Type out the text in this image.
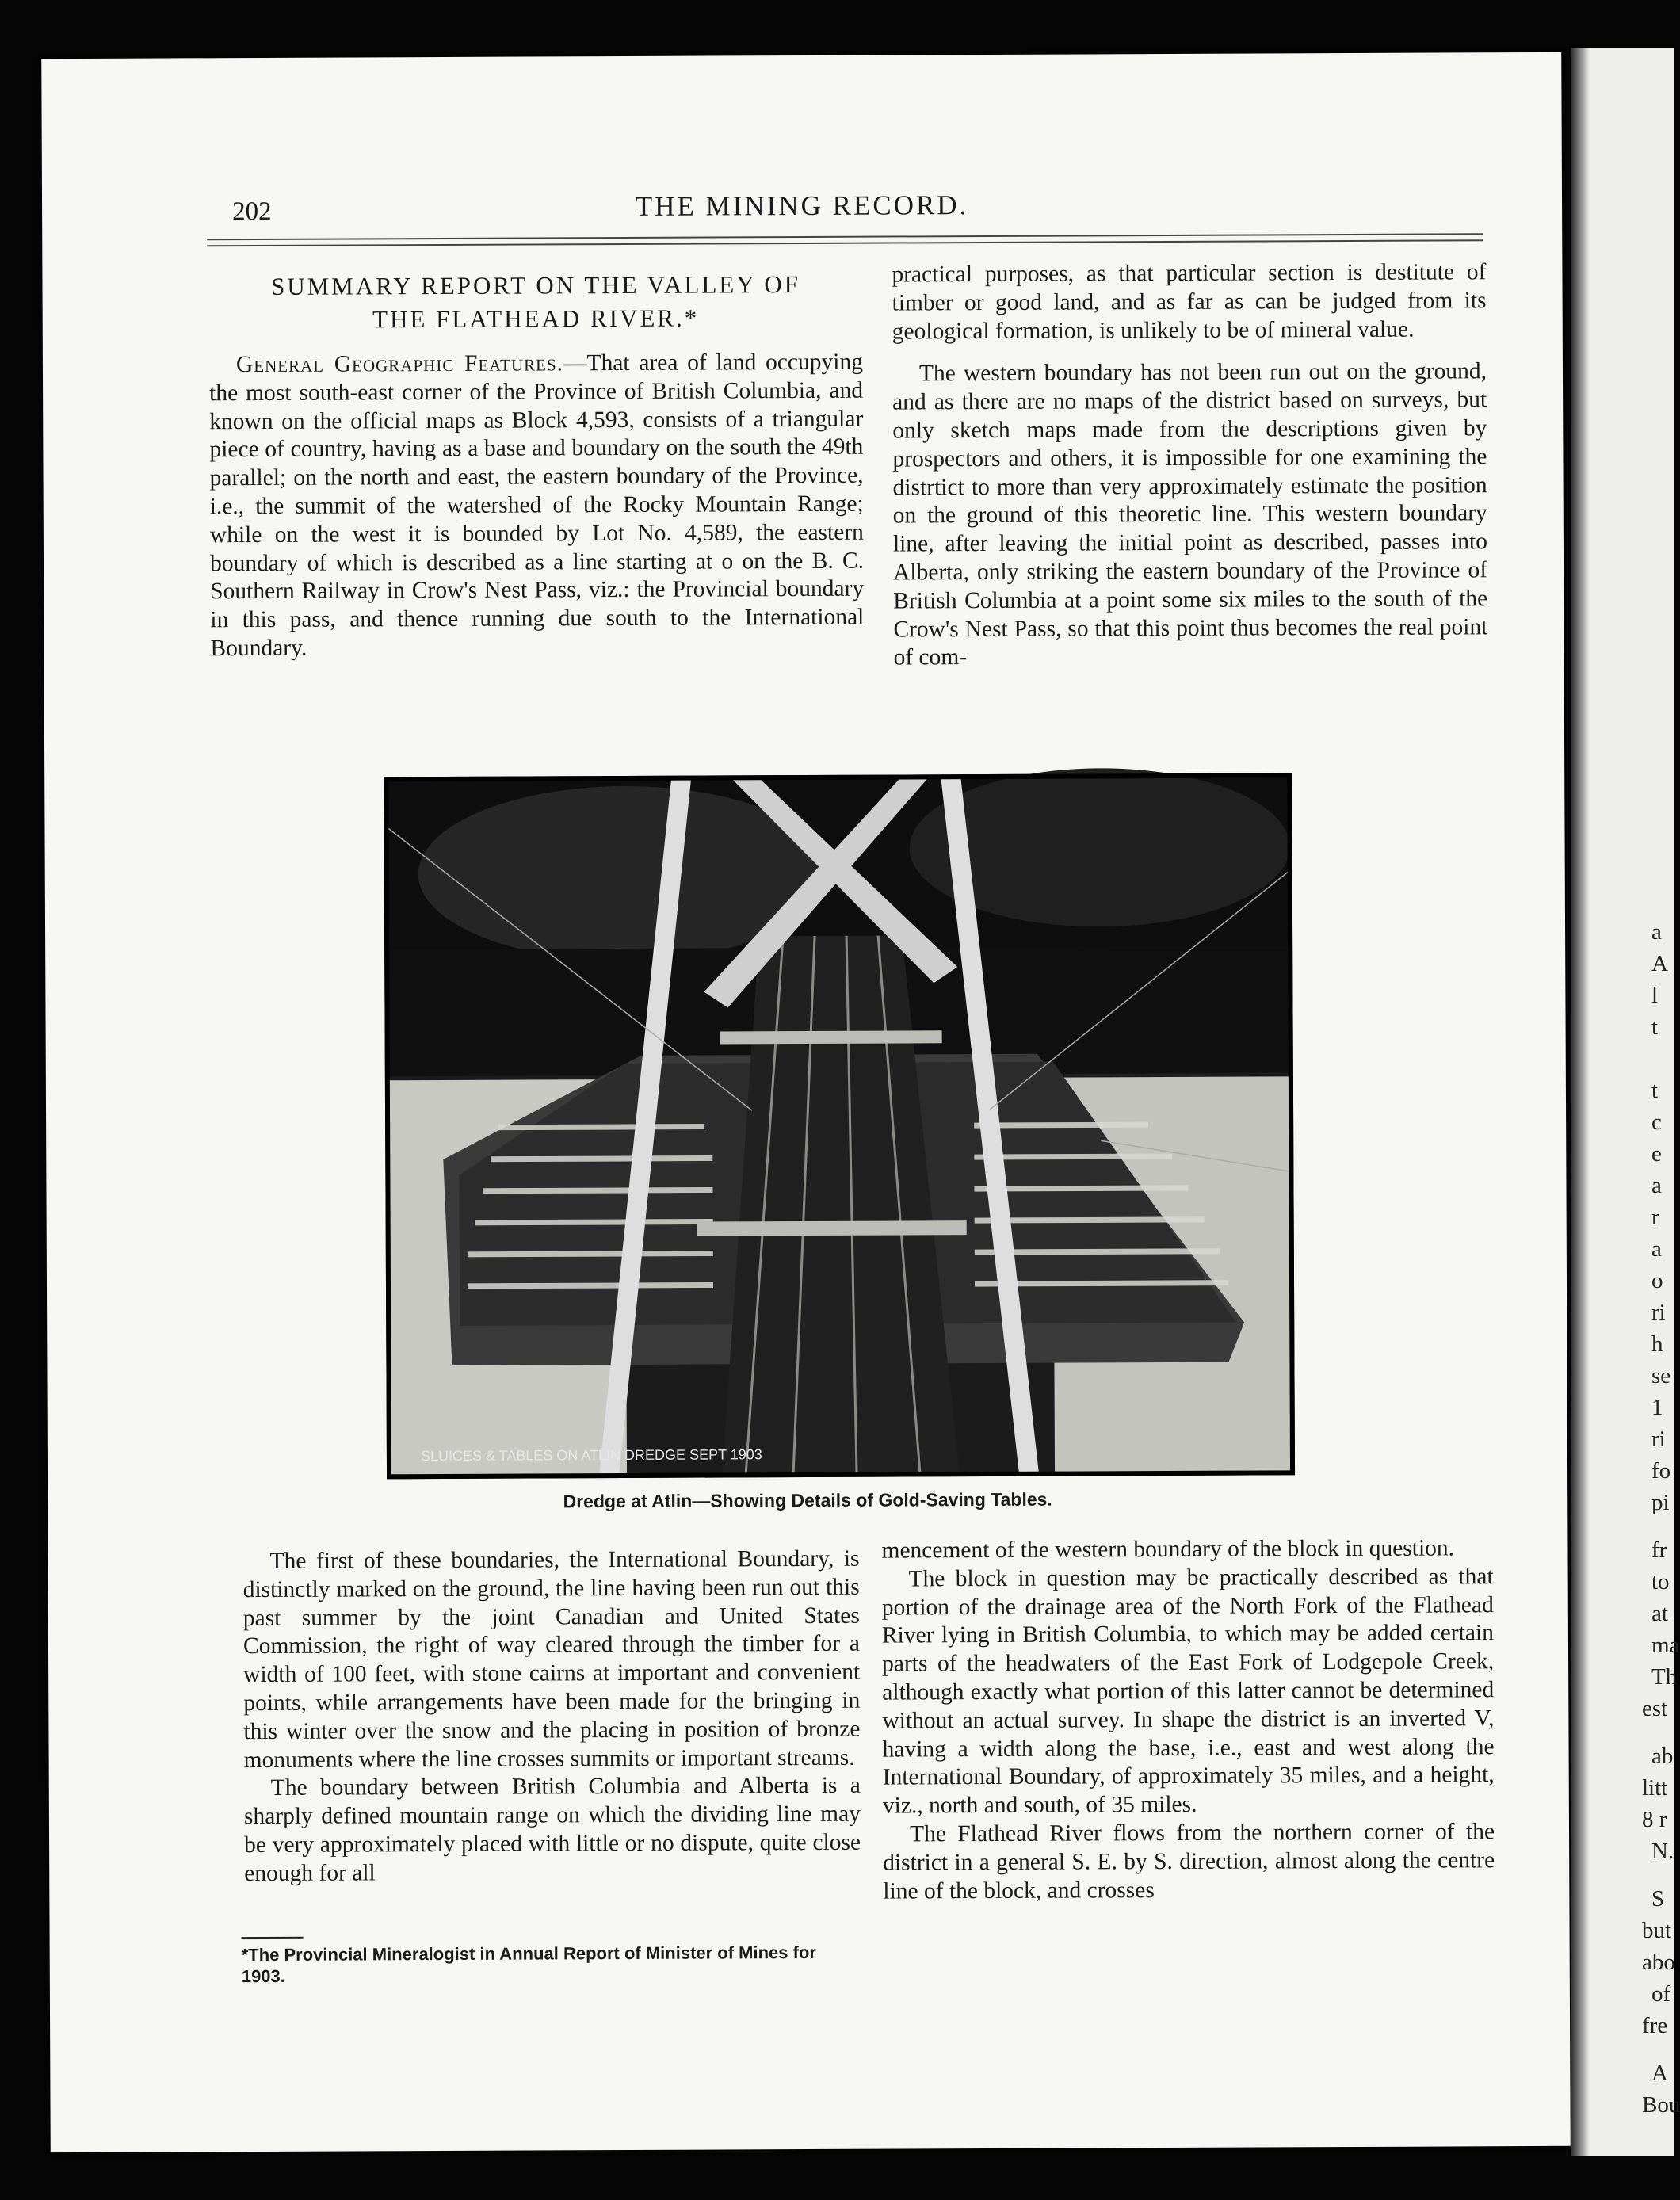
202	THE MINING RECORD.
SUMMARY REPORT ON THE VALLEY OF
THE FLATHEAD RIVER.*

General Geographic Features.—That area of land occupying the most south-east corner of the Province of British Columbia, and known on the official maps as Block 4,593, consists of a triangular piece of country, having as a base and boundary on the south the 49th parallel; on the north and east, the eastern boundary of the Province, i.e., the summit of the watershed of the Rocky Mountain Range; while on the west it is bounded by Lot No. 4,589, the eastern boundary of which is described as a line starting at o on the B. C. Southern Railway in Crow's Nest Pass, viz.: the Provincial boundary in this pass, and thence running due south to the International Boundary.

practical purposes, as that particular section is destitute of timber or good land, and as far as can be judged from its geological formation, is unlikely to be of mineral value.

The western boundary has not been run out on the ground, and as there are no maps of the district based on surveys, but only sketch maps made from the descriptions given by prospectors and others, it is impossible for one examining the distrtict to more than very approximately estimate the position on the ground of this theoretic line. This western boundary line, after leaving the initial point as described, passes into Alberta, only striking the eastern boundary of the Province of British Columbia at a point some six miles to the south of the Crow's Nest Pass, so that this point thus becomes the real point of com-

SLUICES & TABLES ON ATLIN DREDGE SEPT 1903
Dredge at Atlin—Showing Details of Gold-Saving Tables.

The first of these boundaries, the International Boundary, is distinctly marked on the ground, the line having been run out this past summer by the joint Canadian and United States Commission, the right of way cleared through the timber for a width of 100 feet, with stone cairns at important and convenient points, while arrangements have been made for the bringing in this winter over the snow and the placing in position of bronze monuments where the line crosses summits or important streams.

The boundary between British Columbia and Alberta is a sharply defined mountain range on which the dividing line may be very approximately placed with little or no dispute, quite close enough for all

*The Provincial Mineralogist in Annual Report of Minister of Mines for 1903.

mencement of the western boundary of the block in question.

The block in question may be practically described as that portion of the drainage area of the North Fork of the Flathead River lying in British Columbia, to which may be added certain parts of the headwaters of the East Fork of Lodgepole Creek, although exactly what portion of this latter cannot be determined without an actual survey. In shape the district is an inverted V, having a width along the base, i.e., east and west along the International Boundary, of approximately 35 miles, and a height, viz., north and south, of 35 miles.

The Flathead River flows from the northern corner of the district in a general S. E. by S. direction, almost along the centre line of the block, and crosses

a
A
l
t
t
c
e
a
r
a
o
ri
h
se
1
ri
fo
pi
fr
to
at
ma
Th
est
ab
litt
8 r
N.
S
but
abo
of
fre
A
Bou
